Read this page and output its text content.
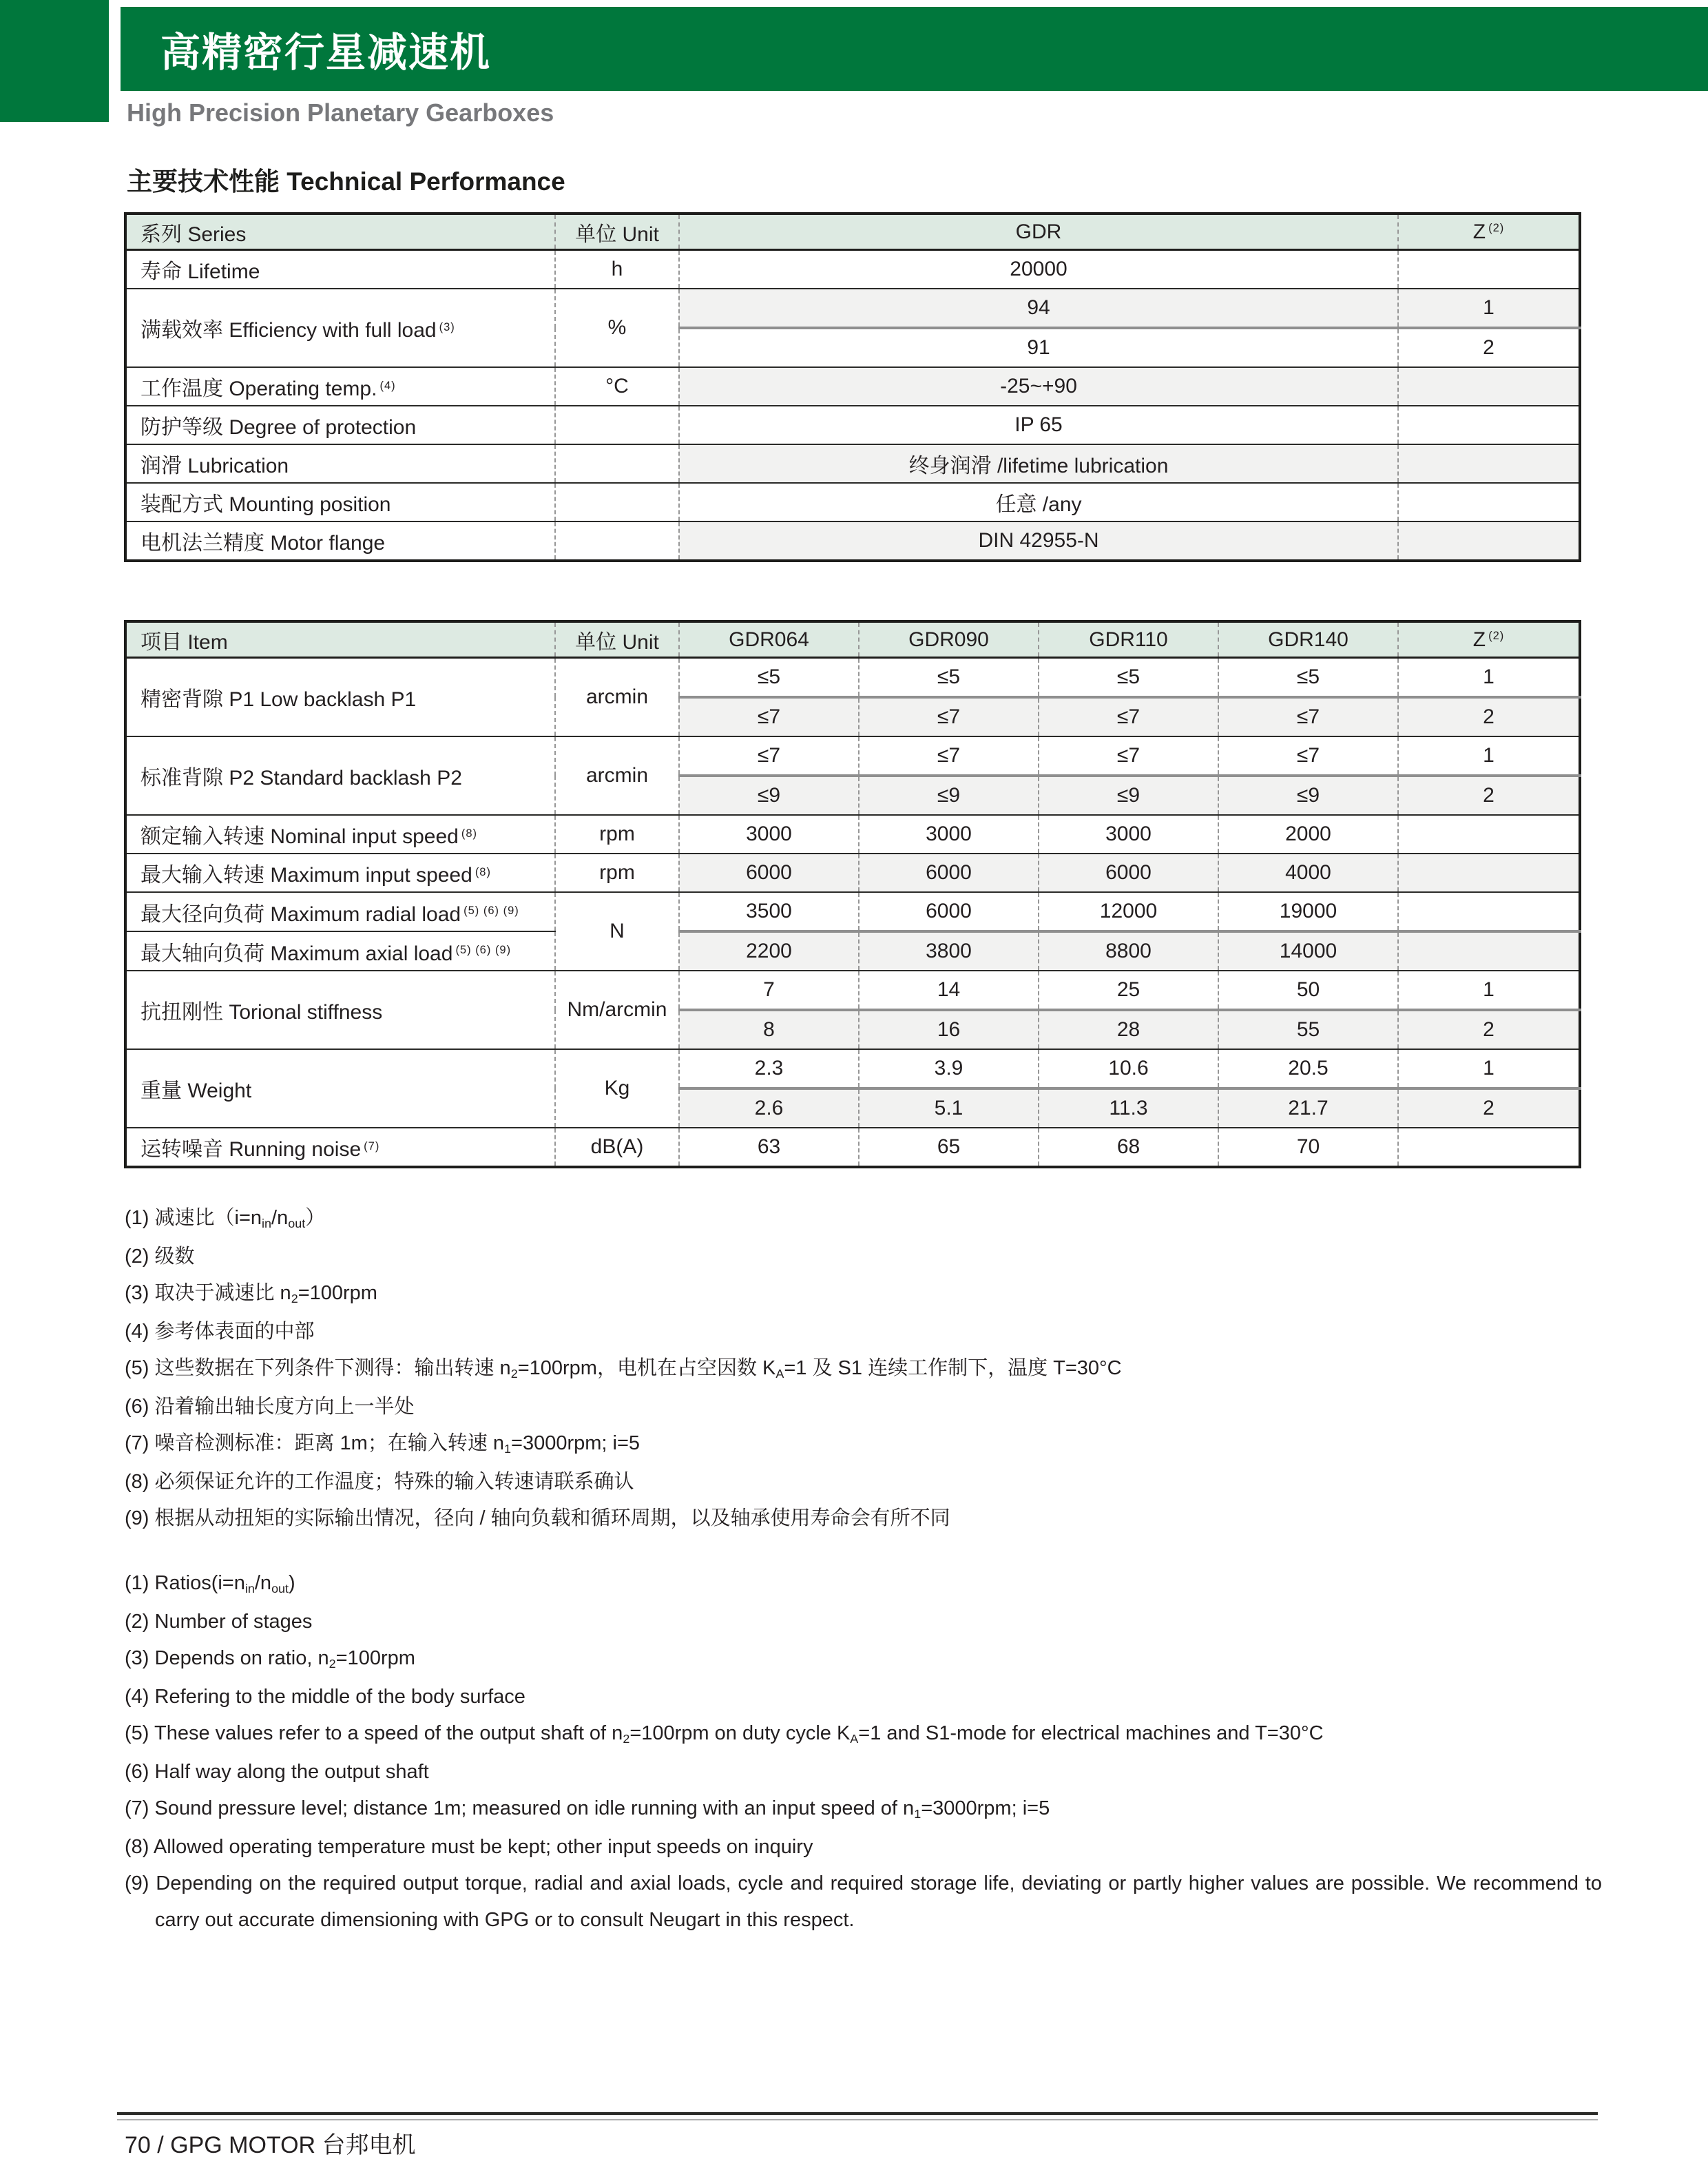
高精密行星减速机
High Precision Planetary Gearboxes
主要技术性能 Technical Performance
系列 Series	单位 Unit	GDR	Z $^{(2)}$
寿命 Lifetime	h	20000	
满载效率 Efficiency with full load $^{(3)}$	%	94	1
		91	2
工作温度 Operating temp. $^{(4)}$	°C	-25~+90	
防护等级 Degree of protection		IP 65	
润滑 Lubrication		终身润滑 /lifetime lubrication	
装配方式 Mounting position		任意 /any	
电机法兰精度 Motor flange		DIN 42955-N	
项目 Item	单位 Unit	GDR064	GDR090	GDR110	GDR140	Z $^{(2)}$
精密背隙 P1 Low backlash P1	arcmin	≤5	≤5	≤5	≤5	1
		≤7	≤7	≤7	≤7	2
标准背隙 P2 Standard backlash P2	arcmin	≤7	≤7	≤7	≤7	1
		≤9	≤9	≤9	≤9	2
额定输入转速 Nominal input speed $^{(8)}$	rpm	3000	3000	3000	2000	
最大输入转速 Maximum input speed $^{(8)}$	rpm	6000	6000	6000	4000	
最大径向负荷 Maximum radial load $^{(5) (6) (9)}$	N	3500	6000	12000	19000	
最大轴向负荷 Maximum axial load $^{(5) (6) (9)}$		2200	3800	8800	14000	
抗扭刚性 Torional stiffness	Nm/arcmin	7	14	25	50	1
		8	16	28	55	2
重量 Weight	Kg	2.3	3.9	10.6	20.5	1
		2.6	5.1	11.3	21.7	2
运转噪音 Running noise $^{(7)}$	dB(A)	63	65	68	70	
(1) 减速比（i=nin/nout）
(2) 级数
(3) 取决于减速比 n2=100rpm
(4) 参考体表面的中部
(5) 这些数据在下列条件下测得：输出转速 n2=100rpm，电机在占空因数 KA=1 及 S1 连续工作制下，温度 T=30°C
(6) 沿着输出轴长度方向上一半处
(7) 噪音检测标准：距离 1m；在输入转速 n1=3000rpm; i=5
(8) 必须保证允许的工作温度；特殊的输入转速请联系确认
(9) 根据从动扭矩的实际输出情况，径向 / 轴向负载和循环周期，以及轴承使用寿命会有所不同
(1) Ratios(i=nin/nout)
(2) Number of stages
(3) Depends on ratio, n2=100rpm
(4) Refering to the middle of the body surface
(5) These values refer to a speed of the output shaft of n2=100rpm on duty cycle KA=1 and S1-mode for electrical machines and T=30°C
(6) Half way along the output shaft
(7) Sound pressure level; distance 1m; measured on idle running with an input speed of n1=3000rpm; i=5
(8) Allowed operating temperature must be kept; other input speeds on inquiry
(9) Depending on the required output torque, radial and axial loads, cycle and required storage life, deviating or partly higher values are possible. We recommend to carry out accurate dimensioning with GPG or to consult Neugart in this respect.
70 / GPG MOTOR 台邦电机
